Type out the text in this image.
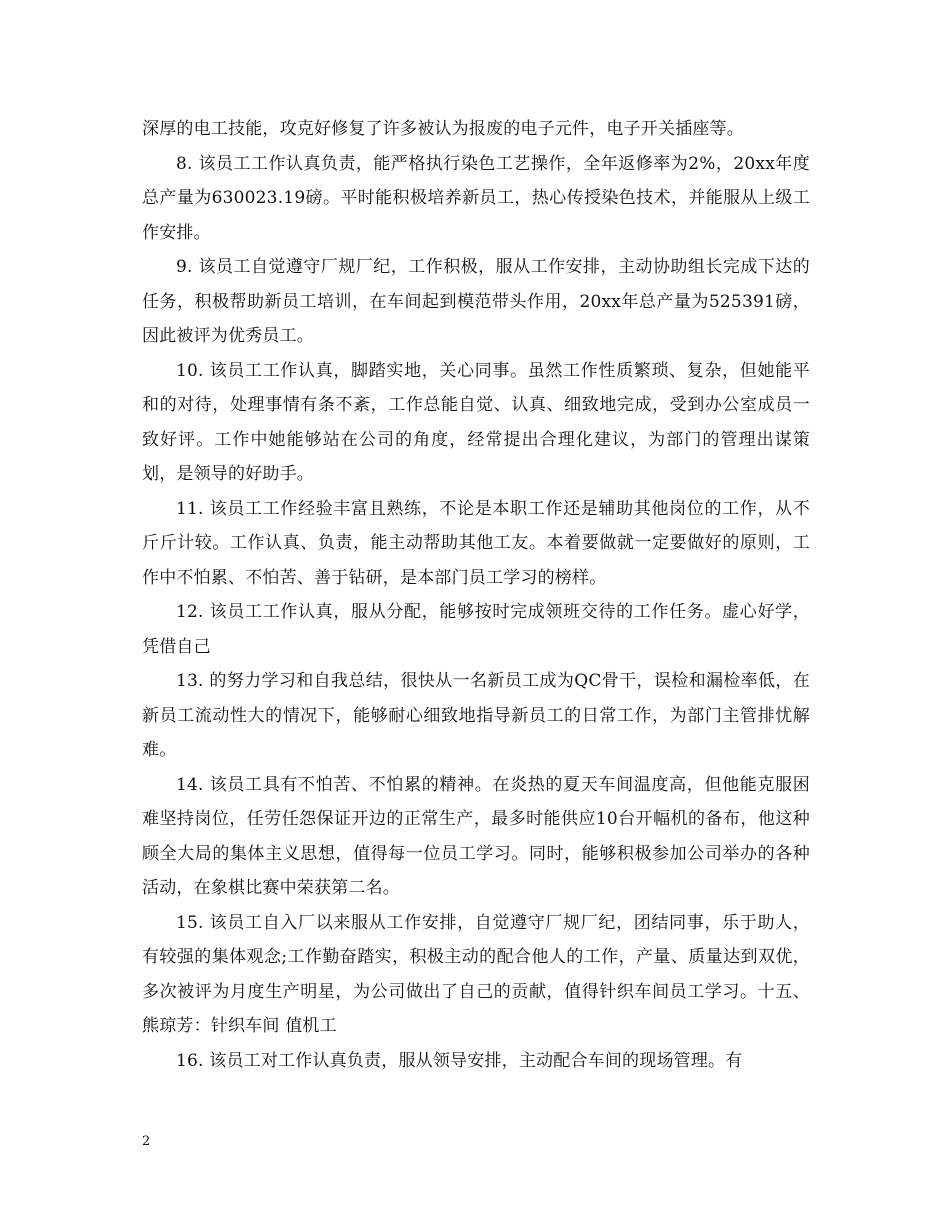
深厚的电工技能，攻克好修复了许多被认为报废的电子元件，电子开关插座等。

8. 该员工工作认真负责，能严格执行染色工艺操作，全年返修率为2%，20xx年度总产量为630023.19磅。平时能积极培养新员工，热心传授染色技术，并能服从上级工作安排。

9. 该员工自觉遵守厂规厂纪，工作积极，服从工作安排，主动协助组长完成下达的任务，积极帮助新员工培训，在车间起到模范带头作用，20xx年总产量为525391磅，因此被评为优秀员工。

10. 该员工工作认真，脚踏实地，关心同事。虽然工作性质繁琐、复杂，但她能平和的对待，处理事情有条不紊，工作总能自觉、认真、细致地完成，受到办公室成员一致好评。工作中她能够站在公司的角度，经常提出合理化建议，为部门的管理出谋策划，是领导的好助手。

11. 该员工工作经验丰富且熟练，不论是本职工作还是辅助其他岗位的工作，从不斤斤计较。工作认真、负责，能主动帮助其他工友。本着要做就一定要做好的原则，工作中不怕累、不怕苦、善于钻研，是本部门员工学习的榜样。

12. 该员工工作认真，服从分配，能够按时完成领班交待的工作任务。虚心好学，凭借自己

13. 的努力学习和自我总结，很快从一名新员工成为QC骨干，误检和漏检率低，在新员工流动性大的情况下，能够耐心细致地指导新员工的日常工作，为部门主管排忧解难。

14. 该员工具有不怕苦、不怕累的精神。在炎热的夏天车间温度高，但他能克服困难坚持岗位，任劳任怨保证开边的正常生产，最多时能供应10台开幅机的备布，他这种顾全大局的集体主义思想，值得每一位员工学习。同时，能够积极参加公司举办的各种活动，在象棋比赛中荣获第二名。

15. 该员工自入厂以来服从工作安排，自觉遵守厂规厂纪，团结同事，乐于助人，有较强的集体观念;工作勤奋踏实，积极主动的配合他人的工作，产量、质量达到双优，多次被评为月度生产明星，为公司做出了自己的贡献，值得针织车间员工学习。十五、熊琼芳：针织车间 值机工

16. 该员工对工作认真负责，服从领导安排，主动配合车间的现场管理。有

2
